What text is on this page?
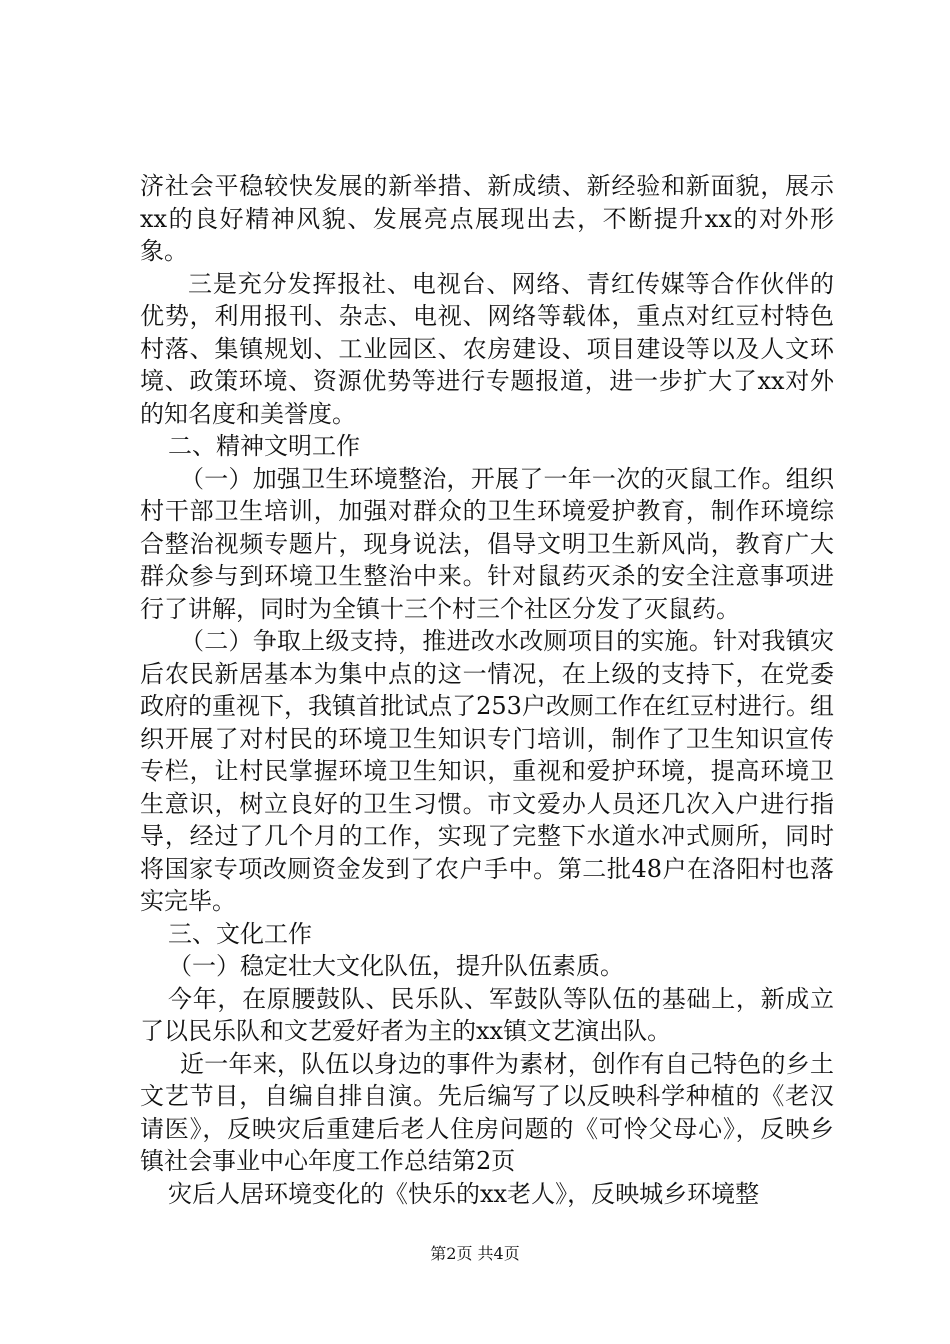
济社会平稳较快发展的新举措、新成绩、新经验和新面貌，展示xx的良好精神风貌、发展亮点展现出去，不断提升xx的对外形象。

三是充分发挥报社、电视台、网络、青红传媒等合作伙伴的优势，利用报刊、杂志、电视、网络等载体，重点对红豆村特色村落、集镇规划、工业园区、农房建设、项目建设等以及人文环境、政策环境、资源优势等进行专题报道，进一步扩大了xx对外的知名度和美誉度。

二、精神文明工作

（一）加强卫生环境整治，开展了一年一次的灭鼠工作。组织村干部卫生培训，加强对群众的卫生环境爱护教育，制作环境综合整治视频专题片，现身说法，倡导文明卫生新风尚，教育广大群众参与到环境卫生整治中来。针对鼠药灭杀的安全注意事项进行了讲解，同时为全镇十三个村三个社区分发了灭鼠药。

（二）争取上级支持，推进改水改厕项目的实施。针对我镇灾后农民新居基本为集中点的这一情况，在上级的支持下，在党委政府的重视下，我镇首批试点了253户改厕工作在红豆村进行。组织开展了对村民的环境卫生知识专门培训，制作了卫生知识宣传专栏，让村民掌握环境卫生知识，重视和爱护环境，提高环境卫生意识，树立良好的卫生习惯。市文爱办人员还几次入户进行指导，经过了几个月的工作，实现了完整下水道水冲式厕所，同时将国家专项改厕资金发到了农户手中。第二批48户在洛阳村也落实完毕。

三、文化工作

（一）稳定壮大文化队伍，提升队伍素质。

今年，在原腰鼓队、民乐队、军鼓队等队伍的基础上，新成立了以民乐队和文艺爱好者为主的xx镇文艺演出队。

近一年来，队伍以身边的事件为素材，创作有自己特色的乡土文艺节目，自编自排自演。先后编写了以反映科学种植的《老汉请医》，反映灾后重建后老人住房问题的《可怜父母心》，反映乡镇社会事业中心年度工作总结第2页

灾后人居环境变化的《快乐的xx老人》，反映城乡环境整

第2页 共4页
